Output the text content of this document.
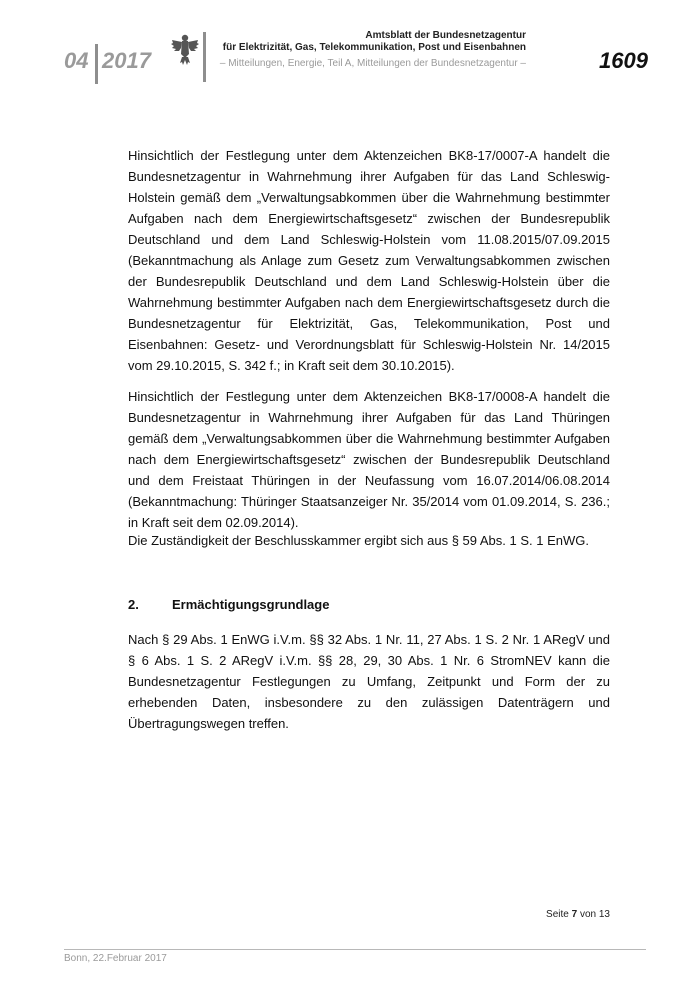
04 2017
Amtsblatt der Bundesnetzagentur
für Elektrizität, Gas, Telekommunikation, Post und Eisenbahnen
– Mitteilungen, Energie, Teil A, Mitteilungen der Bundesnetzagentur –	1609
Hinsichtlich der Festlegung unter dem Aktenzeichen BK8-17/0007-A handelt die Bundesnetzagentur in Wahrnehmung ihrer Aufgaben für das Land Schleswig-Holstein gemäß dem „Verwaltungsabkommen über die Wahrnehmung bestimmter Aufgaben nach dem Energiewirtschaftsgesetz“ zwischen der Bundesrepublik Deutschland und dem Land Schleswig-Holstein vom 11.08.2015/07.09.2015 (Bekanntmachung als Anlage zum Gesetz zum Verwaltungsabkommen zwischen der Bundesrepublik Deutschland und dem Land Schleswig-Holstein über die Wahrnehmung bestimmter Aufgaben nach dem Energiewirtschaftsgesetz durch die Bundesnetzagentur für Elektrizität, Gas, Telekommunikation, Post und Eisenbahnen: Gesetz- und Verordnungsblatt für Schleswig-Holstein Nr. 14/2015 vom 29.10.2015, S. 342 f.; in Kraft seit dem 30.10.2015).
Hinsichtlich der Festlegung unter dem Aktenzeichen BK8-17/0008-A handelt die Bundesnetzagentur in Wahrnehmung ihrer Aufgaben für das Land Thüringen gemäß dem „Verwaltungsabkommen über die Wahrnehmung bestimmter Aufgaben nach dem Energiewirtschaftsgesetz“ zwischen der Bundesrepublik Deutschland und dem Freistaat Thüringen in der Neufassung vom 16.07.2014/06.08.2014 (Bekanntmachung: Thüringer Staatsanzeiger Nr. 35/2014 vom 01.09.2014, S. 236.; in Kraft seit dem 02.09.2014).
Die Zuständigkeit der Beschlusskammer ergibt sich aus § 59 Abs. 1 S. 1 EnWG.
2.	Ermächtigungsgrundlage
Nach § 29 Abs. 1 EnWG i.V.m. §§ 32 Abs. 1 Nr. 11, 27 Abs. 1 S. 2 Nr. 1 ARegV und § 6 Abs. 1 S. 2 ARegV i.V.m. §§ 28, 29, 30 Abs. 1 Nr. 6 StromNEV kann die Bundesnetzagentur Festlegungen zu Umfang, Zeitpunkt und Form der zu erhebenden Daten, insbesondere zu den zulässigen Datenträgern und Übertragungswegen treffen.
Seite 7 von 13
Bonn, 22.Februar 2017
